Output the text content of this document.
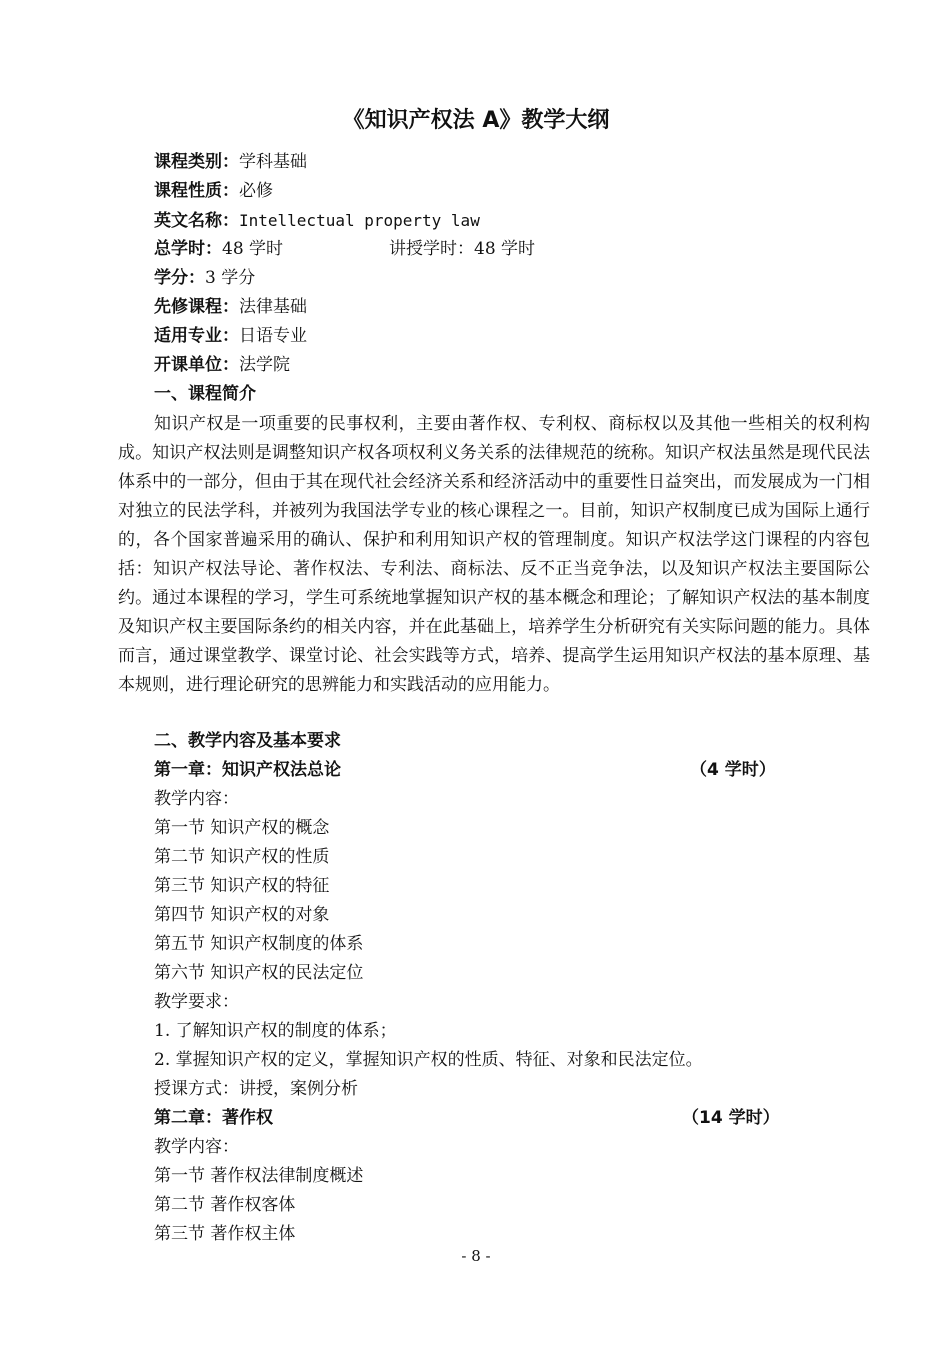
《知识产权法 A》教学大纲
课程类别：学科基础
课程性质：必修
英文名称：Intellectual property law
总学时：48 学时	讲授学时：48 学时
学分：3 学分
先修课程：法律基础
适用专业：日语专业
开课单位：法学院
一、课程简介

知识产权是一项重要的民事权利，主要由著作权、专利权、商标权以及其他一些相关的权利构成。知识产权法则是调整知识产权各项权利义务关系的法律规范的统称。知识产权法虽然是现代民法体系中的一部分，但由于其在现代社会经济关系和经济活动中的重要性日益突出，而发展成为一门相对独立的民法学科，并被列为我国法学专业的核心课程之一。目前，知识产权制度已成为国际上通行的，各个国家普遍采用的确认、保护和利用知识产权的管理制度。知识产权法学这门课程的内容包括：知识产权法导论、著作权法、专利法、商标法、反不正当竞争法，以及知识产权法主要国际公约。通过本课程的学习，学生可系统地掌握知识产权的基本概念和理论；了解知识产权法的基本制度及知识产权主要国际条约的相关内容，并在此基础上，培养学生分析研究有关实际问题的能力。具体而言，通过课堂教学、课堂讨论、社会实践等方式，培养、提高学生运用知识产权法的基本原理、基本规则，进行理论研究的思辨能力和实践活动的应用能力。

二、教学内容及基本要求
第一章：知识产权法总论	（4 学时）
教学内容：
第一节 知识产权的概念
第二节 知识产权的性质
第三节 知识产权的特征
第四节 知识产权的对象
第五节 知识产权制度的体系
第六节 知识产权的民法定位
教学要求：
1. 了解知识产权的制度的体系；
2. 掌握知识产权的定义，掌握知识产权的性质、特征、对象和民法定位。
授课方式：讲授，案例分析
第二章：著作权	（14 学时）
教学内容：
第一节 著作权法律制度概述
第二节 著作权客体
第三节 著作权主体
- 8 -
